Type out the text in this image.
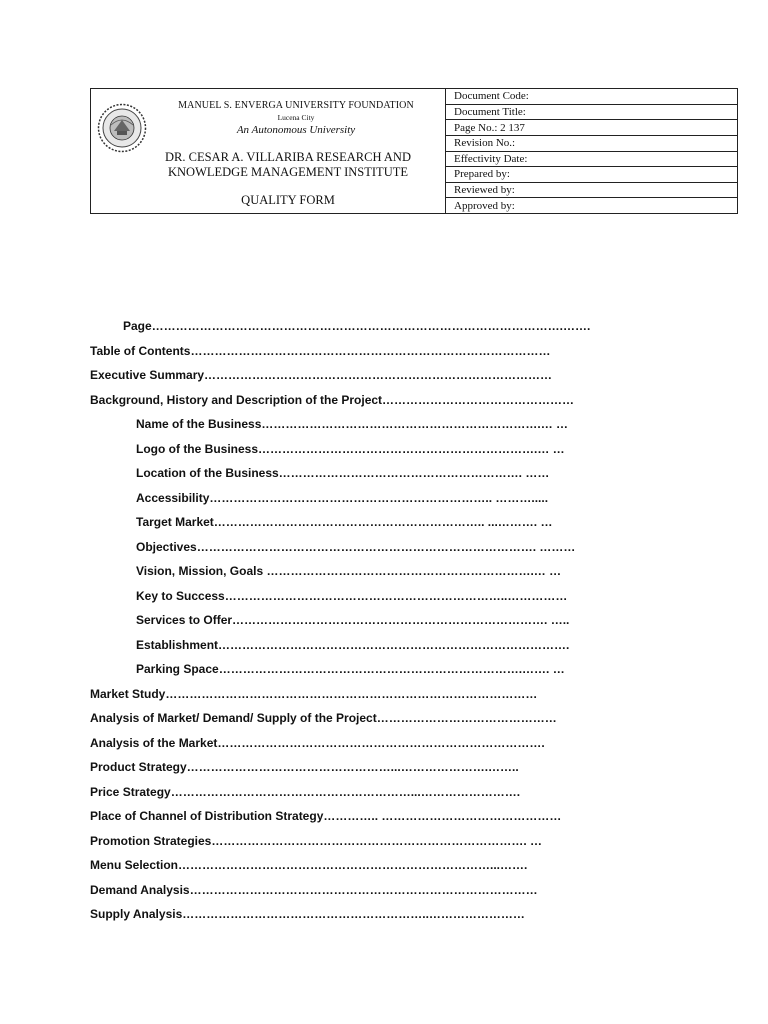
MANUEL S. ENVERGA UNIVERSITY FOUNDATION
Lucena City
An Autonomous University
DR. CESAR A. VILLARIBA RESEARCH AND
KNOWLEDGE MANAGEMENT INSTITUTE
QUALITY FORM
Document Code:
Document Title:
Page No.: 2 137
Revision No.:
Effectivity Date:
Prepared by:
Reviewed by:
Approved by:
Page………………………………………………………………………………………….…….
Table of Contents………………………………………………………………………………
Executive Summary……………………………………………………………………………
Background, History and Description of the Project…………………………………………
Name of the Business…………………………………………………………….… …
Logo of the Business…………………………………………………………….… …
Location of the Business……………………………………………………. ……
Accessibility…………………………………………………………….. ……….....
Target Market………………………………………………………….. ...………. …
Objectives…………………………………………………………………………. ………
Vision, Mission, Goals ………………………………………………………….… …
Key to Success……………………………………………………………..……………
Services to Offer……………………………………………………………………. …..
Establishment…………………………………………………………………………….
Parking Space………………………………………………………………….……. …
Market Study…………………………………………………………………………………
Analysis of Market/ Demand/ Supply of the Project………………………………………
Analysis of the Market……………………………………………………………………….
Product Strategy……………………………………………...………………….……..
Price Strategy……………………………………………………...…………………….
Place of Channel of Distribution Strategy………….. ………………………………………
Promotion Strategies……………………………………………………………………. …
Menu Selection……………………………………………………………………...…….
Demand Analysis……………………………………………………………………………
Supply Analysis……………………………………………………..……………………
